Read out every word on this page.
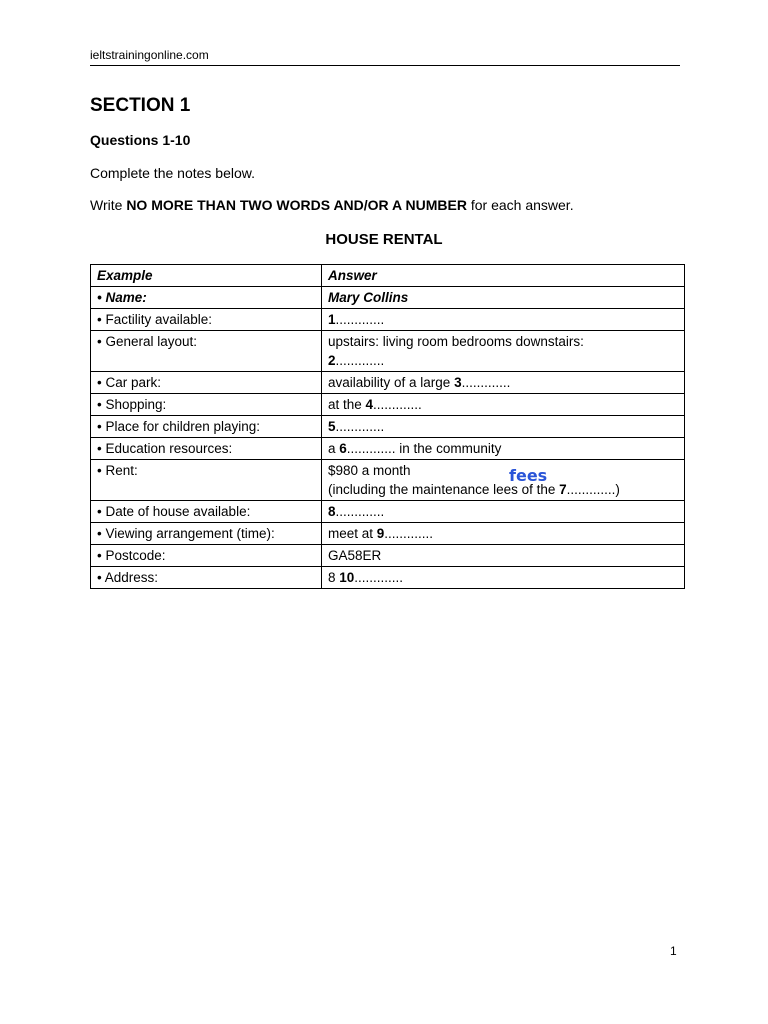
ieltstrainingonline.com
SECTION 1
Questions 1-10
Complete the notes below.
Write NO MORE THAN TWO WORDS AND/OR A NUMBER for each answer.
HOUSE RENTAL
Example	Answer
• Name:	Mary Collins
• Factility available:	1.............
• General layout:	upstairs: living room bedrooms downstairs:
2.............
• Car park:	availability of a large 3.............
• Shopping:	at the 4.............
• Place for children playing:	5.............
• Education resources:	a 6............. in the community
• Rent:	$980 a month
(including the maintenance lees of the 7.............)
fees

• Date of house available:	8.............
• Viewing arrangement (time):	meet at 9.............
• Postcode:	GA58ER
• Address:	8 10.............
1
